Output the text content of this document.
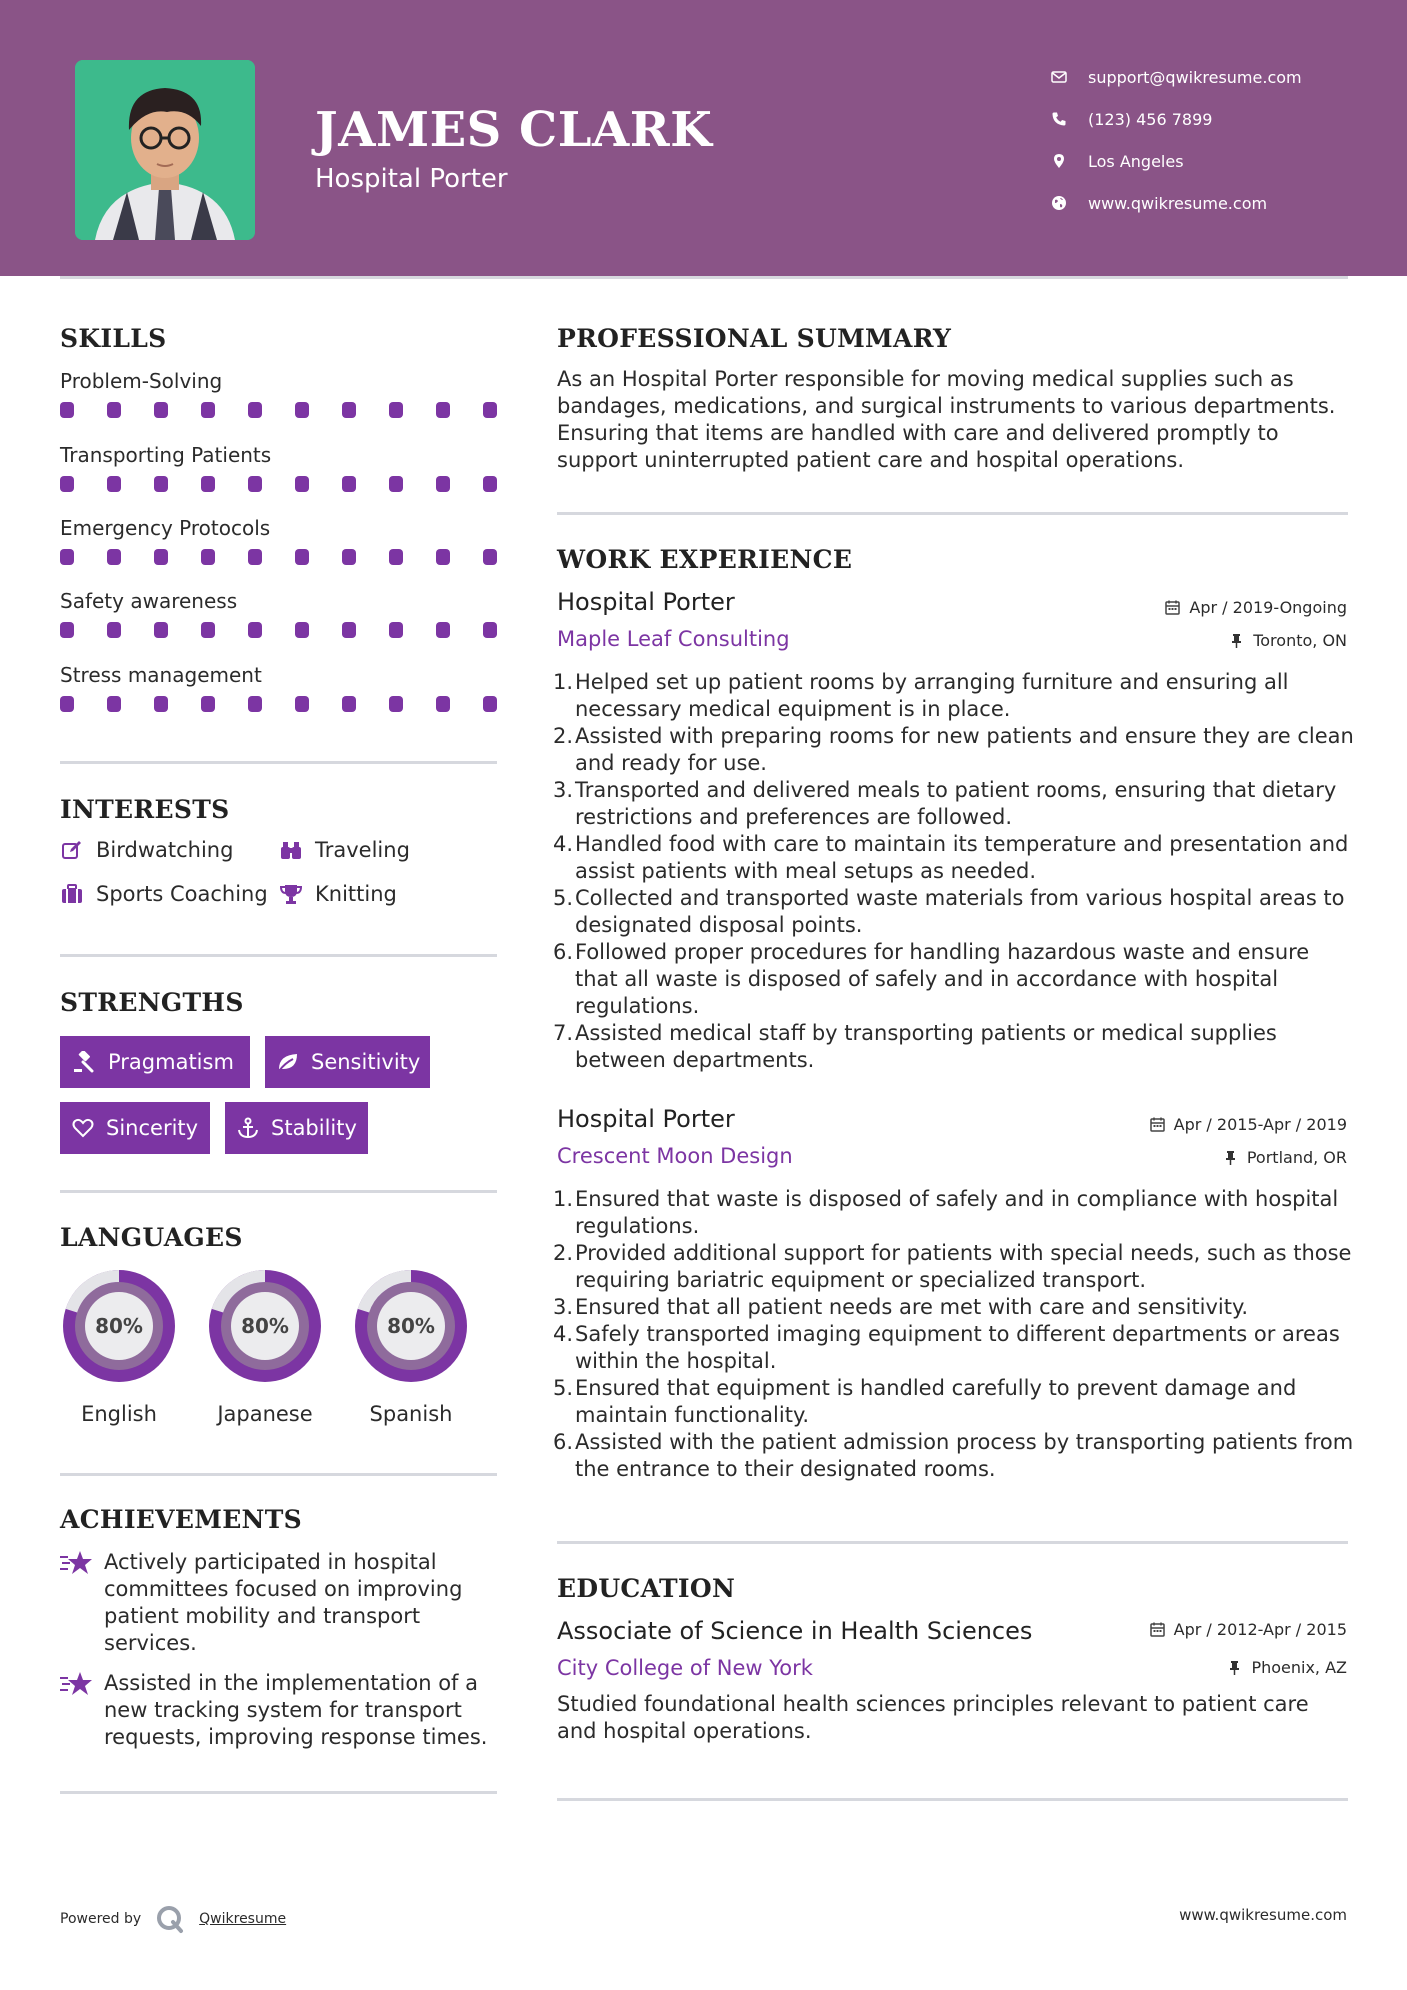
JAMES CLARK
Hospital Porter
support@qwikresume.com
(123) 456 7899
Los Angeles
www.qwikresume.com
SKILLS
Problem-Solving
Transporting Patients
Emergency Protocols
Safety awareness
Stress management
INTERESTS
Birdwatching	Traveling
Sports Coaching Knitting
STRENGTHS
Pragmatism	Sensitivity
Sincerity	Stability
LANGUAGES
80%
English
80%
Japanese
80%
Spanish
ACHIEVEMENTS
Actively participated in hospital committees focused on improving patient mobility and transport services.
Assisted in the implementation of a new tracking system for transport requests, improving response times.
PROFESSIONAL SUMMARY
As an Hospital Porter responsible for moving medical supplies such as bandages, medications, and surgical instruments to various departments. Ensuring that items are handled with care and delivered promptly to support uninterrupted patient care and hospital operations.
WORK EXPERIENCE
Hospital Porter	Apr / 2019-Ongoing
Maple Leaf Consulting	Toronto, ON
1. Helped set up patient rooms by arranging furniture and ensuring all necessary medical equipment is in place.
2. Assisted with preparing rooms for new patients and ensure they are clean and ready for use.
3. Transported and delivered meals to patient rooms, ensuring that dietary restrictions and preferences are followed.
4. Handled food with care to maintain its temperature and presentation and assist patients with meal setups as needed.
5. Collected and transported waste materials from various hospital areas to designated disposal points.
6. Followed proper procedures for handling hazardous waste and ensure that all waste is disposed of safely and in accordance with hospital regulations.
7. Assisted medical staff by transporting patients or medical supplies between departments.
Hospital Porter	Apr / 2015-Apr / 2019
Crescent Moon Design	Portland, OR
1. Ensured that waste is disposed of safely and in compliance with hospital regulations.
2. Provided additional support for patients with special needs, such as those requiring bariatric equipment or specialized transport.
3. Ensured that all patient needs are met with care and sensitivity.
4. Safely transported imaging equipment to different departments or areas within the hospital.
5. Ensured that equipment is handled carefully to prevent damage and maintain functionality.
6. Assisted with the patient admission process by transporting patients from the entrance to their designated rooms.
EDUCATION
Associate of Science in Health Sciences	Apr / 2012-Apr / 2015
City College of New York	Phoenix, AZ
Studied foundational health sciences principles relevant to patient care and hospital operations.
Powered by	Qwikresume	www.qwikresume.com
